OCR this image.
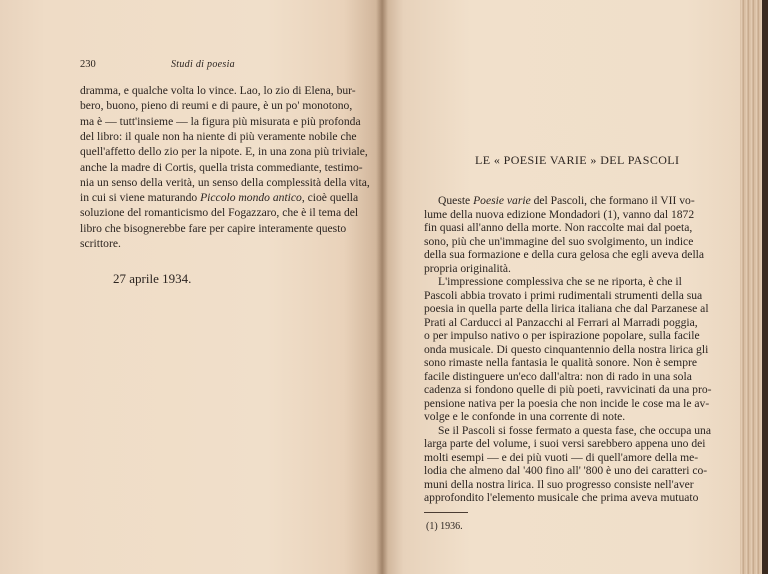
230	Studi di poesia
dramma, e qualche volta lo vince. Lao, lo zio di Elena, bur-
bero, buono, pieno di reumi e di paure, è un po' monotono,
ma è — tutt'insieme — la figura più misurata e più profonda
del libro: il quale non ha niente di più veramente nobile che
quell'affetto dello zio per la nipote. E, in una zona più triviale,
anche la madre di Cortis, quella trista commediante, testimo-
nia un senso della verità, un senso della complessità della vita,
in cui si viene maturando Piccolo mondo antico, cioè quella
soluzione del romanticismo del Fogazzaro, che è il tema del
libro che bisognerebbe fare per capire interamente questo
scrittore.
27 aprile 1934.
LE « POESIE VARIE » DEL PASCOLI
Queste Poesie varie del Pascoli, che formano il VII vo-
lume della nuova edizione Mondadori (1), vanno dal 1872
fin quasi all'anno della morte. Non raccolte mai dal poeta,
sono, più che un'immagine del suo svolgimento, un indice
della sua formazione e della cura gelosa che egli aveva della
propria originalità.
L'impressione complessiva che se ne riporta, è che il
Pascoli abbia trovato i primi rudimentali strumenti della sua
poesia in quella parte della lirica italiana che dal Parzanese al
Prati al Carducci al Panzacchi al Ferrari al Marradi poggia,
o per impulso nativo o per ispirazione popolare, sulla facile
onda musicale. Di questo cinquantennio della nostra lirica gli
sono rimaste nella fantasia le qualità sonore. Non è sempre
facile distinguere un'eco dall'altra: non di rado in una sola
cadenza si fondono quelle di più poeti, ravvicinati da una pro-
pensione nativa per la poesia che non incide le cose ma le av-
volge e le confonde in una corrente di note.
Se il Pascoli si fosse fermato a questa fase, che occupa una
larga parte del volume, i suoi versi sarebbero appena uno dei
molti esempi — e dei più vuoti — di quell'amore della me-
lodia che almeno dal '400 fino all' '800 è uno dei caratteri co-
muni della nostra lirica. Il suo progresso consiste nell'aver
approfondito l'elemento musicale che prima aveva mutuato
(1) 1936.
